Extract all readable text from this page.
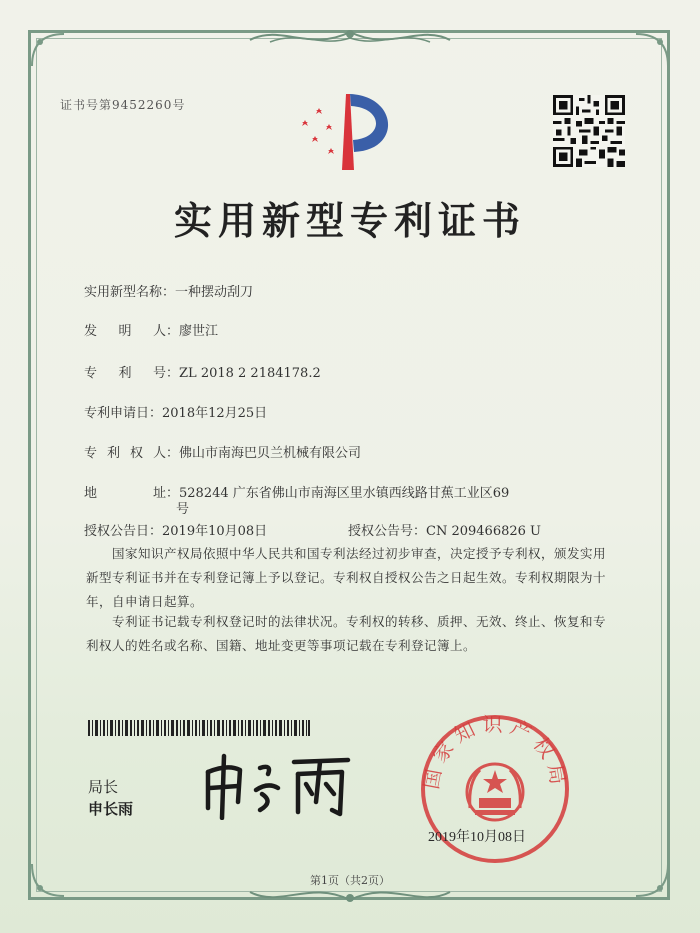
证书号第9452260号
实用新型专利证书
实用新型名称：一种摆动刮刀
发 明 人 ：廖世江
专 利 号 ：ZL 2018 2 2184178.2
专利申请日：2018年12月25日
专 利 权 人 ：佛山市南海巴贝兰机械有限公司
地	址 ：528244 广东省佛山市南海区里水镇西线路甘蕉工业区69
号
授权公告日：2019年10月08日	授权公告号：CN 209466826 U
国家知识产权局依照中华人民共和国专利法经过初步审查，决定授予专利权，颁发实用
新型专利证书并在专利登记簿上予以登记。专利权自授权公告之日起生效。专利权期限为十
年，自申请日起算。
专利证书记载专利权登记时的法律状况。专利权的转移、质押、无效、终止、恢复和专
利权人的姓名或名称、国籍、地址变更等事项记载在专利登记簿上。
局长
申长雨
国家知识产权局
2019年10月08日
第1页（共2页）
